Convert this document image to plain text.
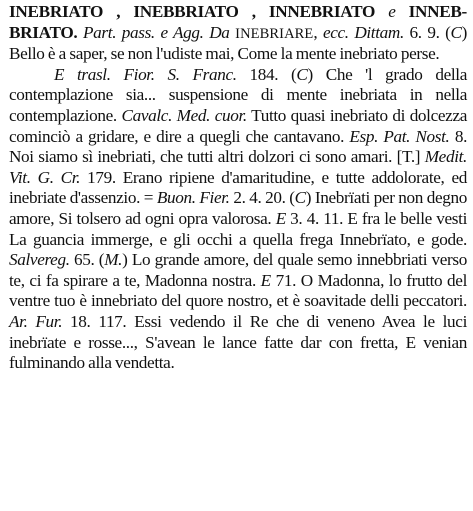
INEBRIATO , INEBBRIATO , INNEBRIATO e INNEB-BRIATO. Part. pass. e Agg. Da INEBRIARE, ecc. Dittam. 6. 9. (C) Bello è a saper, se non l'udiste mai, Come la mente inebriato perse.

E trasl. Fior. S. Franc. 184. (C) Che 'l grado della contemplazione sia... suspensione di mente inebriata in nella contemplazione. Cavalc. Med. cuor. Tutto quasi inebriato di dolcezza cominciò a gridare, e dire a quegli che cantavano. Esp. Pat. Nost. 8. Noi siamo sì inebriati, che tutti altri dolzori ci sono amari. [T.] Medit. Vit. G. Cr. 179. Erano ripiene d'amaritudine, e tutte addolorate, ed inebriate d'assenzio. = Buon. Fier. 2. 4. 20. (C) Inebrïati per non degno amore, Si tolsero ad ogni opra valorosa. E 3. 4. 11. E fra le belle vesti La guancia immerge, e gli occhi a quella frega Innebrïato, e gode. Salvereg. 65. (M.) Lo grande amore, del quale semo innebbriati verso te, ci fa spirare a te, Madonna nostra. E 71. O Madonna, lo frutto del ventre tuo è innebriato del quore nostro, et è soavitade delli peccatori. Ar. Fur. 18. 117. Essi vedendo il Re che di veneno Avea le luci inebrïate e rosse..., S'avean le lance fatte dar con fretta, E venian fulminando alla vendetta.
